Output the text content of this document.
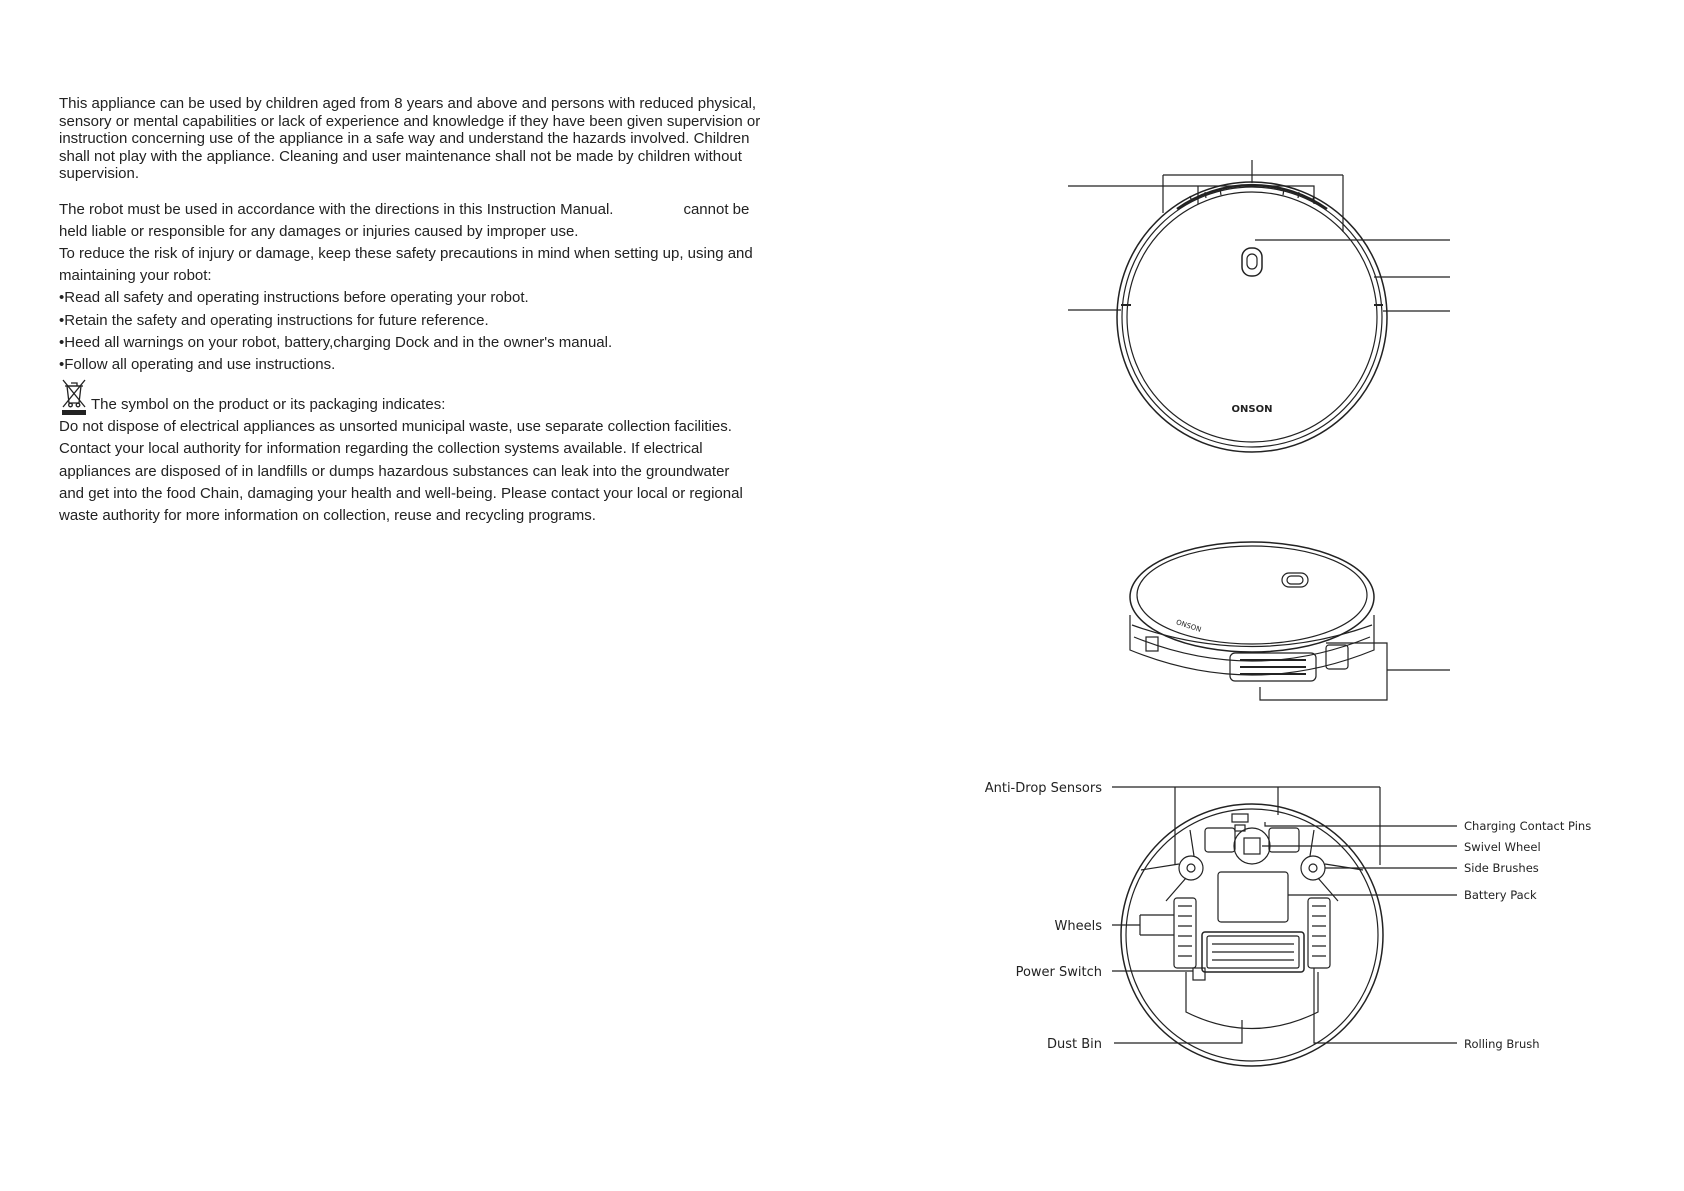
This appliance can be used by children aged from 8 years and above and persons with reduced physical,
sensory or mental capabilities or lack of experience and knowledge if they have been given supervision or
instruction concerning use of the appliance in a safe way and understand the hazards involved. Children
shall not play with the appliance. Cleaning and user maintenance shall not be made by children without
supervision.

The robot must be used in accordance with the directions in this Instruction Manual.	cannot be
held liable or responsible for any damages or injuries caused by improper use.
To reduce the risk of injury or damage, keep these safety precautions in mind when setting up, using and
maintaining your robot:
•Read all safety and operating instructions before operating your robot.
•Retain the safety and operating instructions for future reference.
•Heed all warnings on your robot, battery,charging Dock and in the owner's manual.
•Follow all operating and use instructions.
The symbol on the product or its packaging indicates:
Do not dispose of electrical appliances as unsorted municipal waste, use separate collection facilities.
Contact your local authority for information regarding the collection systems available. If electrical
appliances are disposed of in landfills or dumps hazardous substances can leak into the groundwater
and get into the food Chain, damaging your health and well-being. Please contact your local or regional
waste authority for more information on collection, reuse and recycling programs.
ONSON
ONSON
Anti-Drop Sensors
Wheels
Power Switch
Dust Bin
Charging Contact Pins
Swivel Wheel
Side Brushes
Battery Pack
Rolling Brush
